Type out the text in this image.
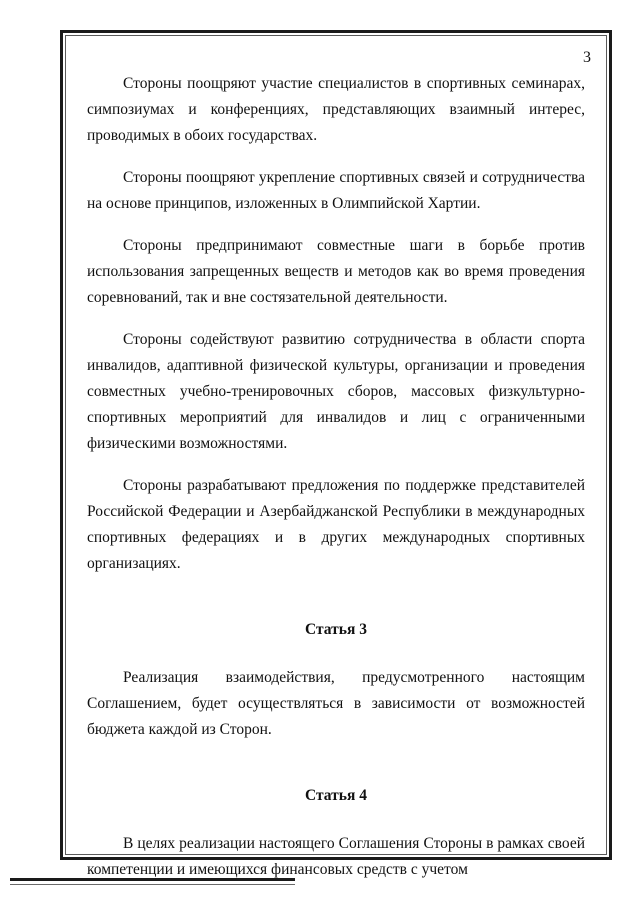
3

Стороны поощряют участие специалистов в спортивных семинарах, симпозиумах и конференциях, представляющих взаимный интерес, проводимых в обоих государствах.

Стороны поощряют укрепление спортивных связей и сотрудничества на основе принципов, изложенных в Олимпийской Хартии.

Стороны предпринимают совместные шаги в борьбе против использования запрещенных веществ и методов как во время проведения соревнований, так и вне состязательной деятельности.

Стороны содействуют развитию сотрудничества в области спорта инвалидов, адаптивной физической культуры, организации и проведения совместных учебно-тренировочных сборов, массовых физкультурно-спортивных мероприятий для инвалидов и лиц с ограниченными физическими возможностями.

Стороны разрабатывают предложения по поддержке представителей Российской Федерации и Азербайджанской Республики в международных спортивных федерациях и в других международных спортивных организациях.

Статья 3

Реализация взаимодействия, предусмотренного настоящим Соглашением, будет осуществляться в зависимости от возможностей бюджета каждой из Сторон.

Статья 4

В целях реализации настоящего Соглашения Стороны в рамках своей компетенции и имеющихся финансовых средств с учетом
